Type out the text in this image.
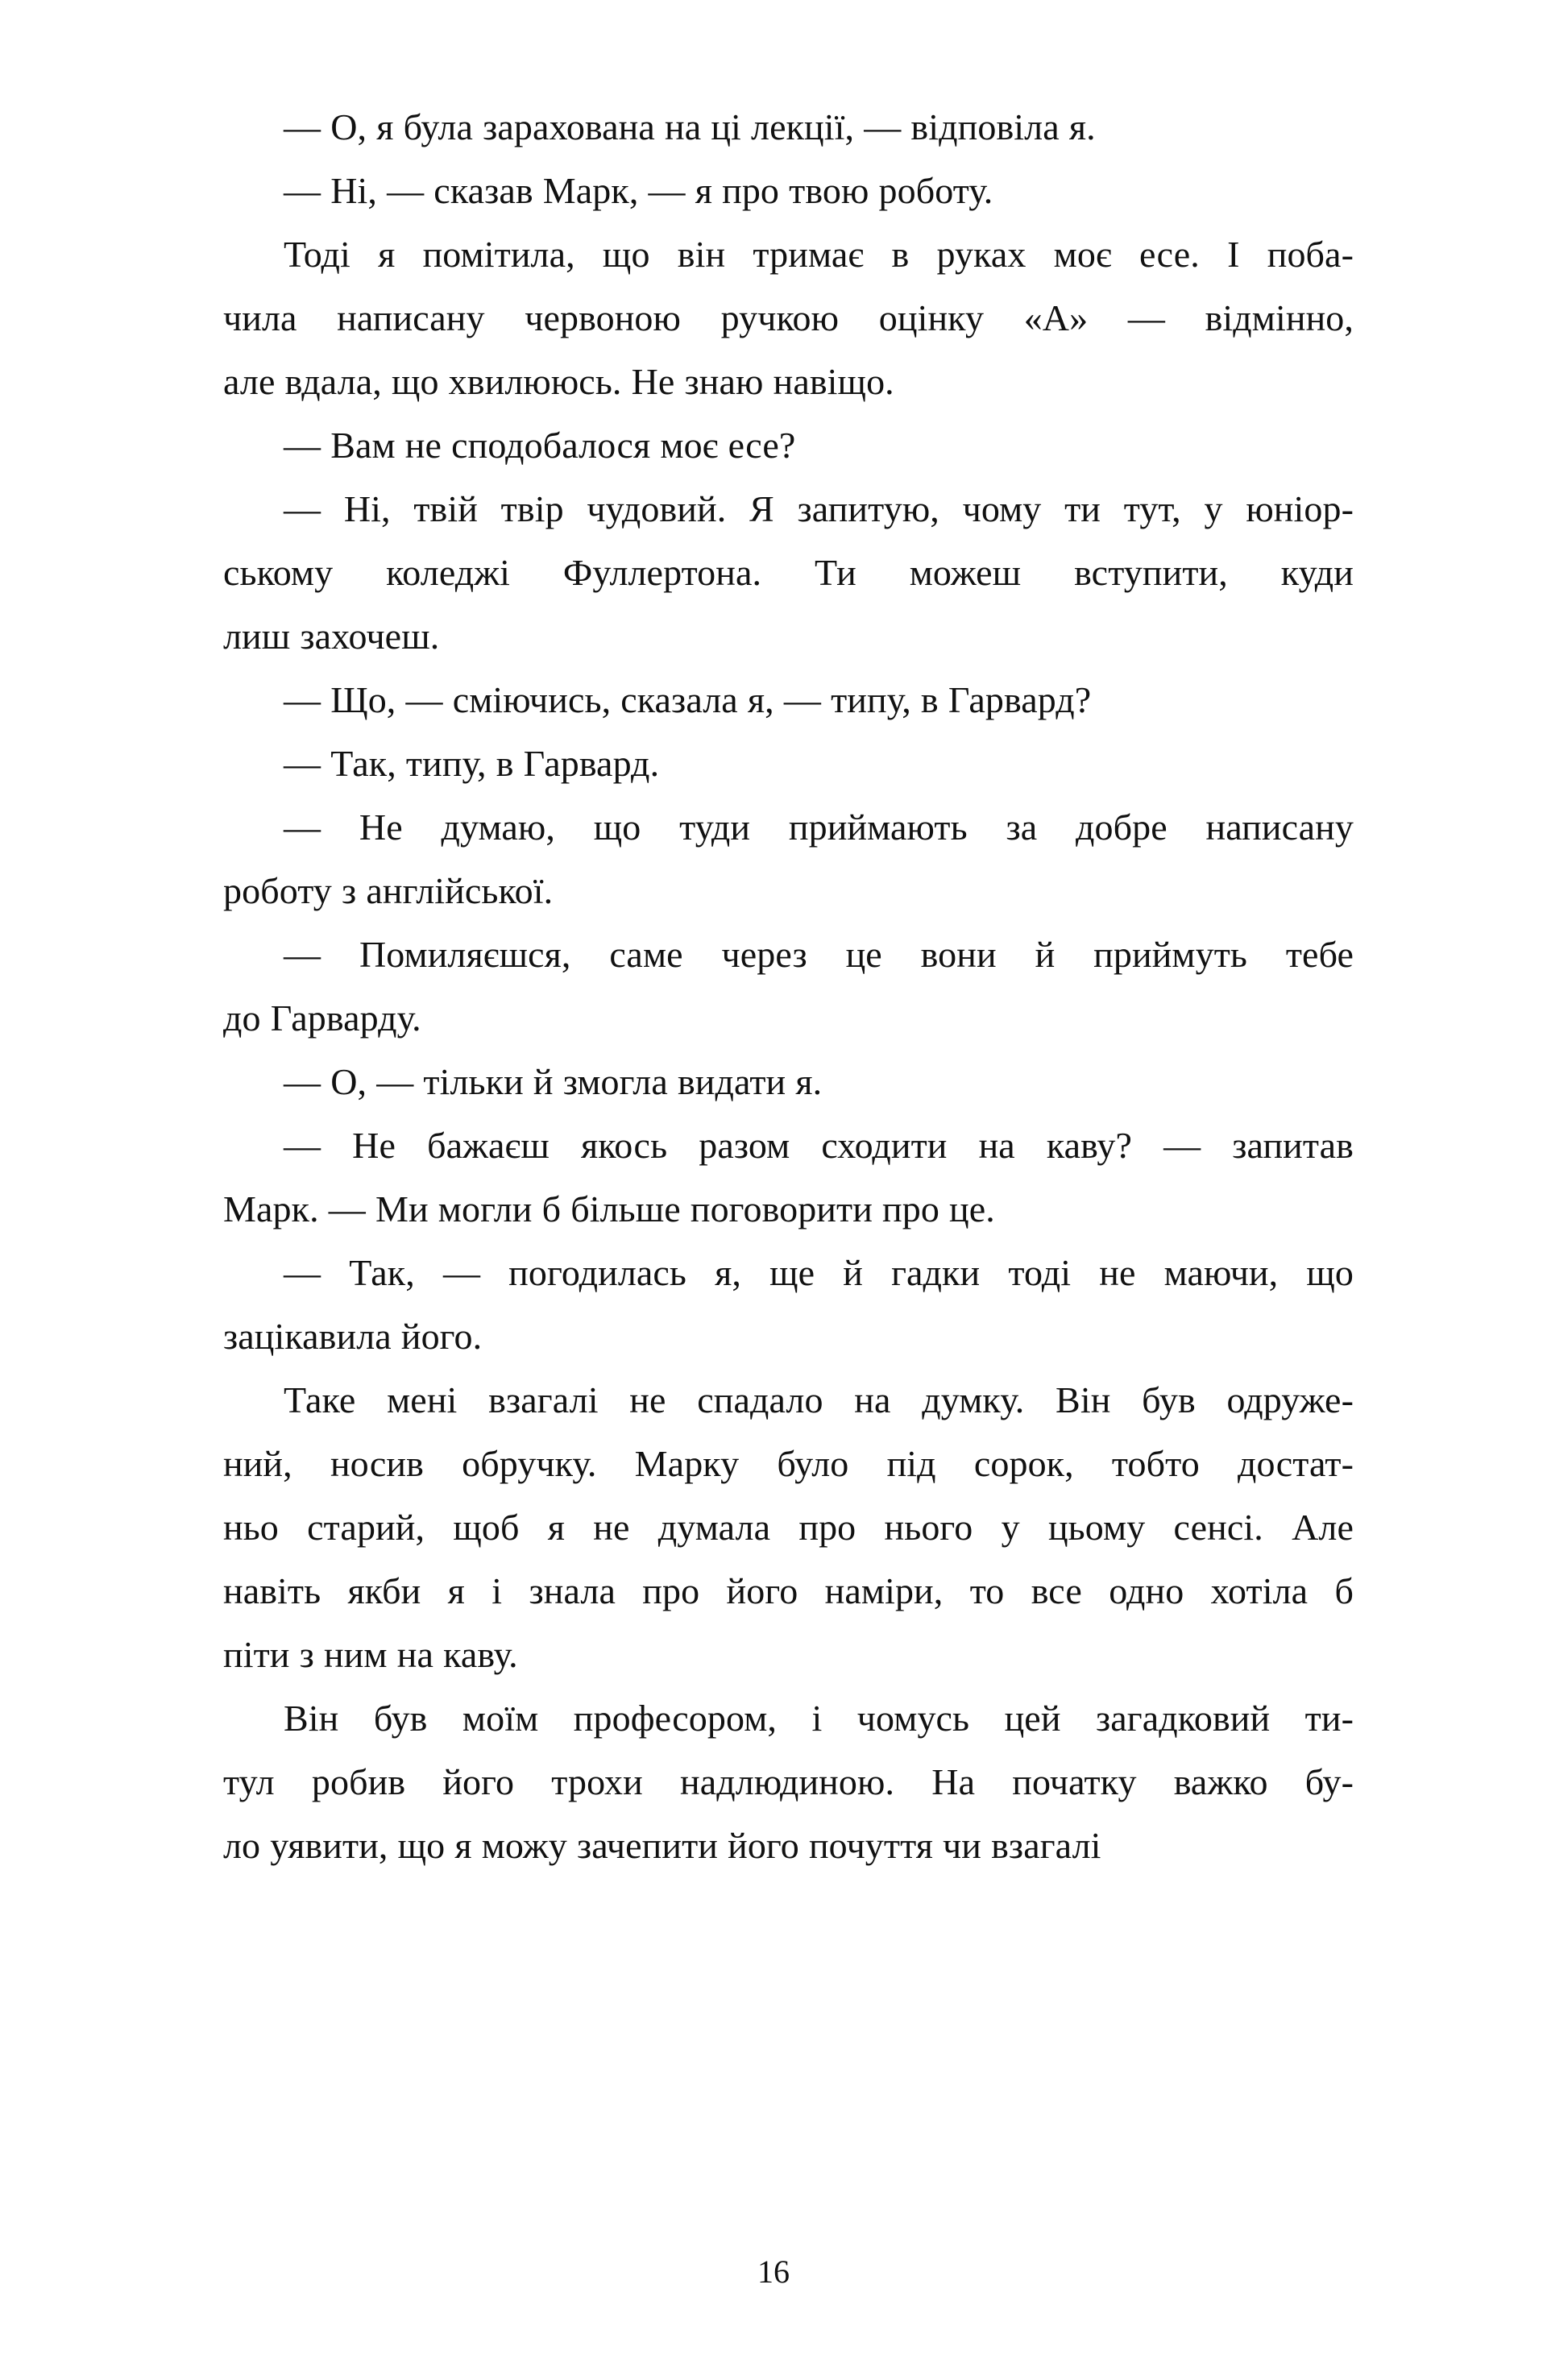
— О, я була зарахована на ці лекції, — відповіла я.

— Ні, — сказав Марк, — я про твою роботу.

Тоді я помітила, що він тримає в руках моє есе. І поба-
чила написану червоною ручкою оцінку «А» — відмінно,
але вдала, що хвилююсь. Не знаю навіщо.

— Вам не сподобалося моє есе?

— Ні, твій твір чудовий. Я запитую, чому ти тут, у юніор-
ському коледжі Фуллертона. Ти можеш вступити, куди
лиш захочеш.

— Що, — сміючись, сказала я, — типу, в Гарвард?

— Так, типу, в Гарвард.

— Не думаю, що туди приймають за добре написану
роботу з англійської.

— Помиляєшся, саме через це вони й приймуть тебе
до Гарварду.

— О, — тільки й змогла видати я.

— Не бажаєш якось разом сходити на каву? — запитав
Марк. — Ми могли б більше поговорити про це.

— Так, — погодилась я, ще й гадки тоді не маючи, що
зацікавила його.

Таке мені взагалі не спадало на думку. Він був одруже-
ний, носив обручку. Марку було під сорок, тобто достат-
ньо старий, щоб я не думала про нього у цьому сенсі. Але
навіть якби я і знала про його наміри, то все одно хотіла б
піти з ним на каву.

Він був моїм професором, і чомусь цей загадковий ти-
тул робив його трохи надлюдиною. На початку важко бу-
ло уявити, що я можу зачепити його почуття чи взагалі

16
